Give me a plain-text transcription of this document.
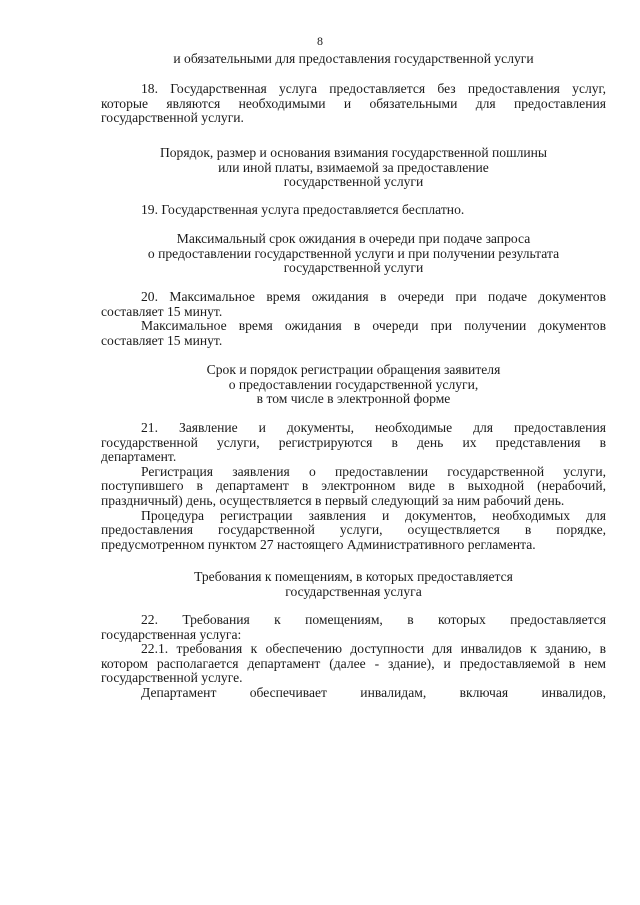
8
и обязательными для предоставления государственной услуги
18. Государственная услуга предоставляется без предоставления услуг,
которые являются необходимыми и обязательными для предоставления
государственной услуги.
Порядок, размер и основания взимания государственной пошлины
или иной платы, взимаемой за предоставление
государственной услуги
19. Государственная услуга предоставляется бесплатно.
Максимальный срок ожидания в очереди при подаче запроса
о предоставлении государственной услуги и при получении результата
государственной услуги
20. Максимальное время ожидания в очереди при подаче документов
составляет 15 минут.
Максимальное время ожидания в очереди при получении документов
составляет 15 минут.
Срок и порядок регистрации обращения заявителя
о предоставлении государственной услуги,
в том числе в электронной форме
21. Заявление и документы, необходимые для предоставления
государственной услуги, регистрируются в день их представления в
департамент.
Регистрация заявления о предоставлении государственной услуги,
поступившего в департамент в электронном виде в выходной (нерабочий,
праздничный) день, осуществляется в первый следующий за ним рабочий день.
Процедура регистрации заявления и документов, необходимых для
предоставления государственной услуги, осуществляется в порядке,
предусмотренном пунктом 27 настоящего Административного регламента.
Требования к помещениям, в которых предоставляется
государственная услуга
22. Требования к помещениям, в которых предоставляется
государственная услуга:
22.1. требования к обеспечению доступности для инвалидов к зданию, в
котором располагается департамент (далее - здание), и предоставляемой в нем
государственной услуге.
Департамент обеспечивает инвалидам, включая инвалидов,
